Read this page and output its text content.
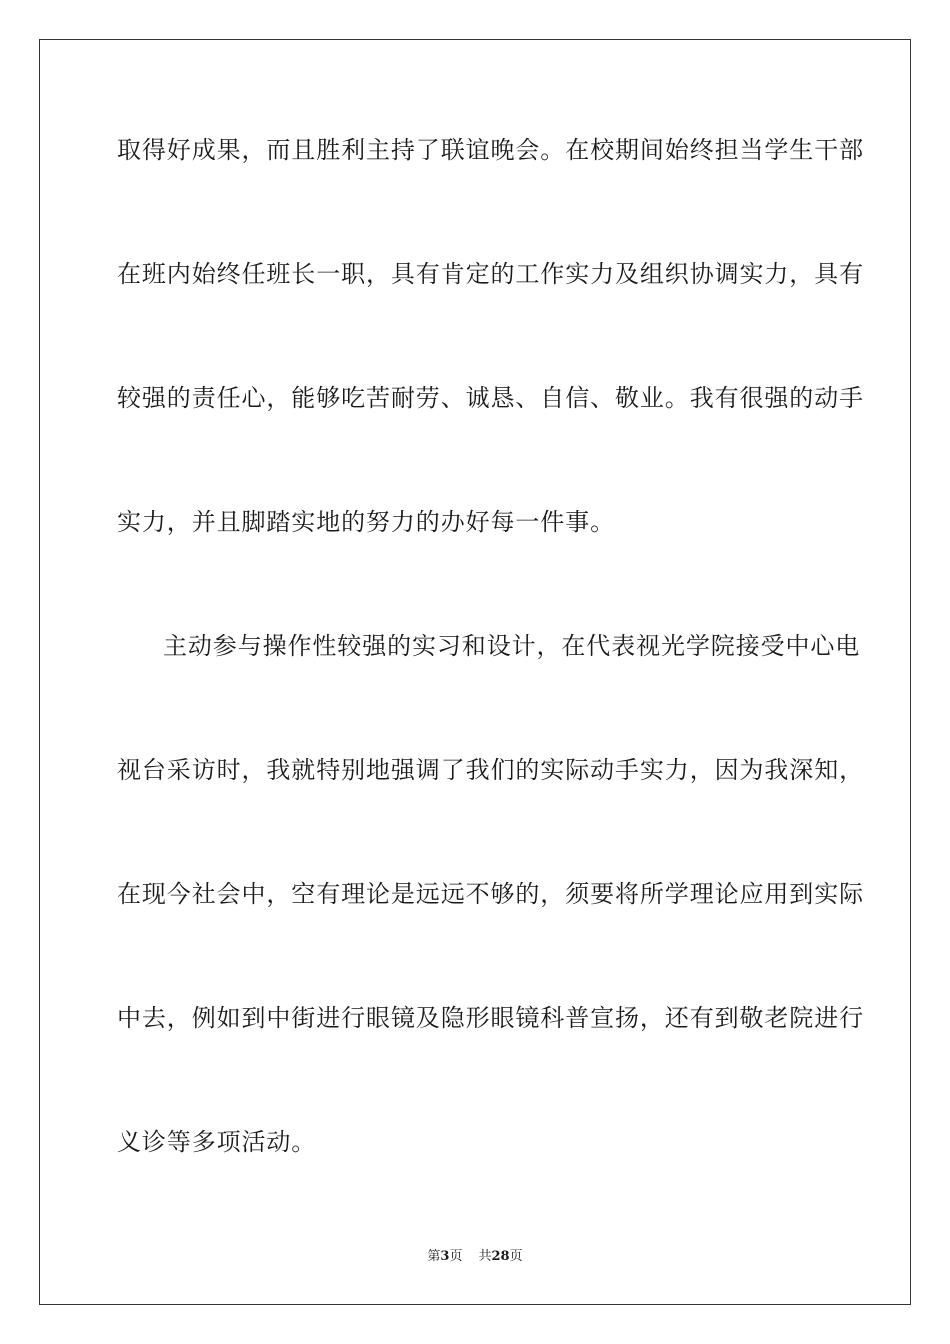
取得好成果，而且胜利主持了联谊晚会。在校期间始终担当学生干部

在班内始终任班长一职，具有肯定的工作实力及组织协调实力，具有

较强的责任心，能够吃苦耐劳、诚恳、自信、敬业。我有很强的动手

实力，并且脚踏实地的努力的办好每一件事。

主动参与操作性较强的实习和设计，在代表视光学院接受中心电

视台采访时，我就特别地强调了我们的实际动手实力，因为我深知，

在现今社会中，空有理论是远远不够的，须要将所学理论应用到实际

中去，例如到中街进行眼镜及隐形眼镜科普宣扬，还有到敬老院进行

义诊等多项活动。

第3页 共28页
